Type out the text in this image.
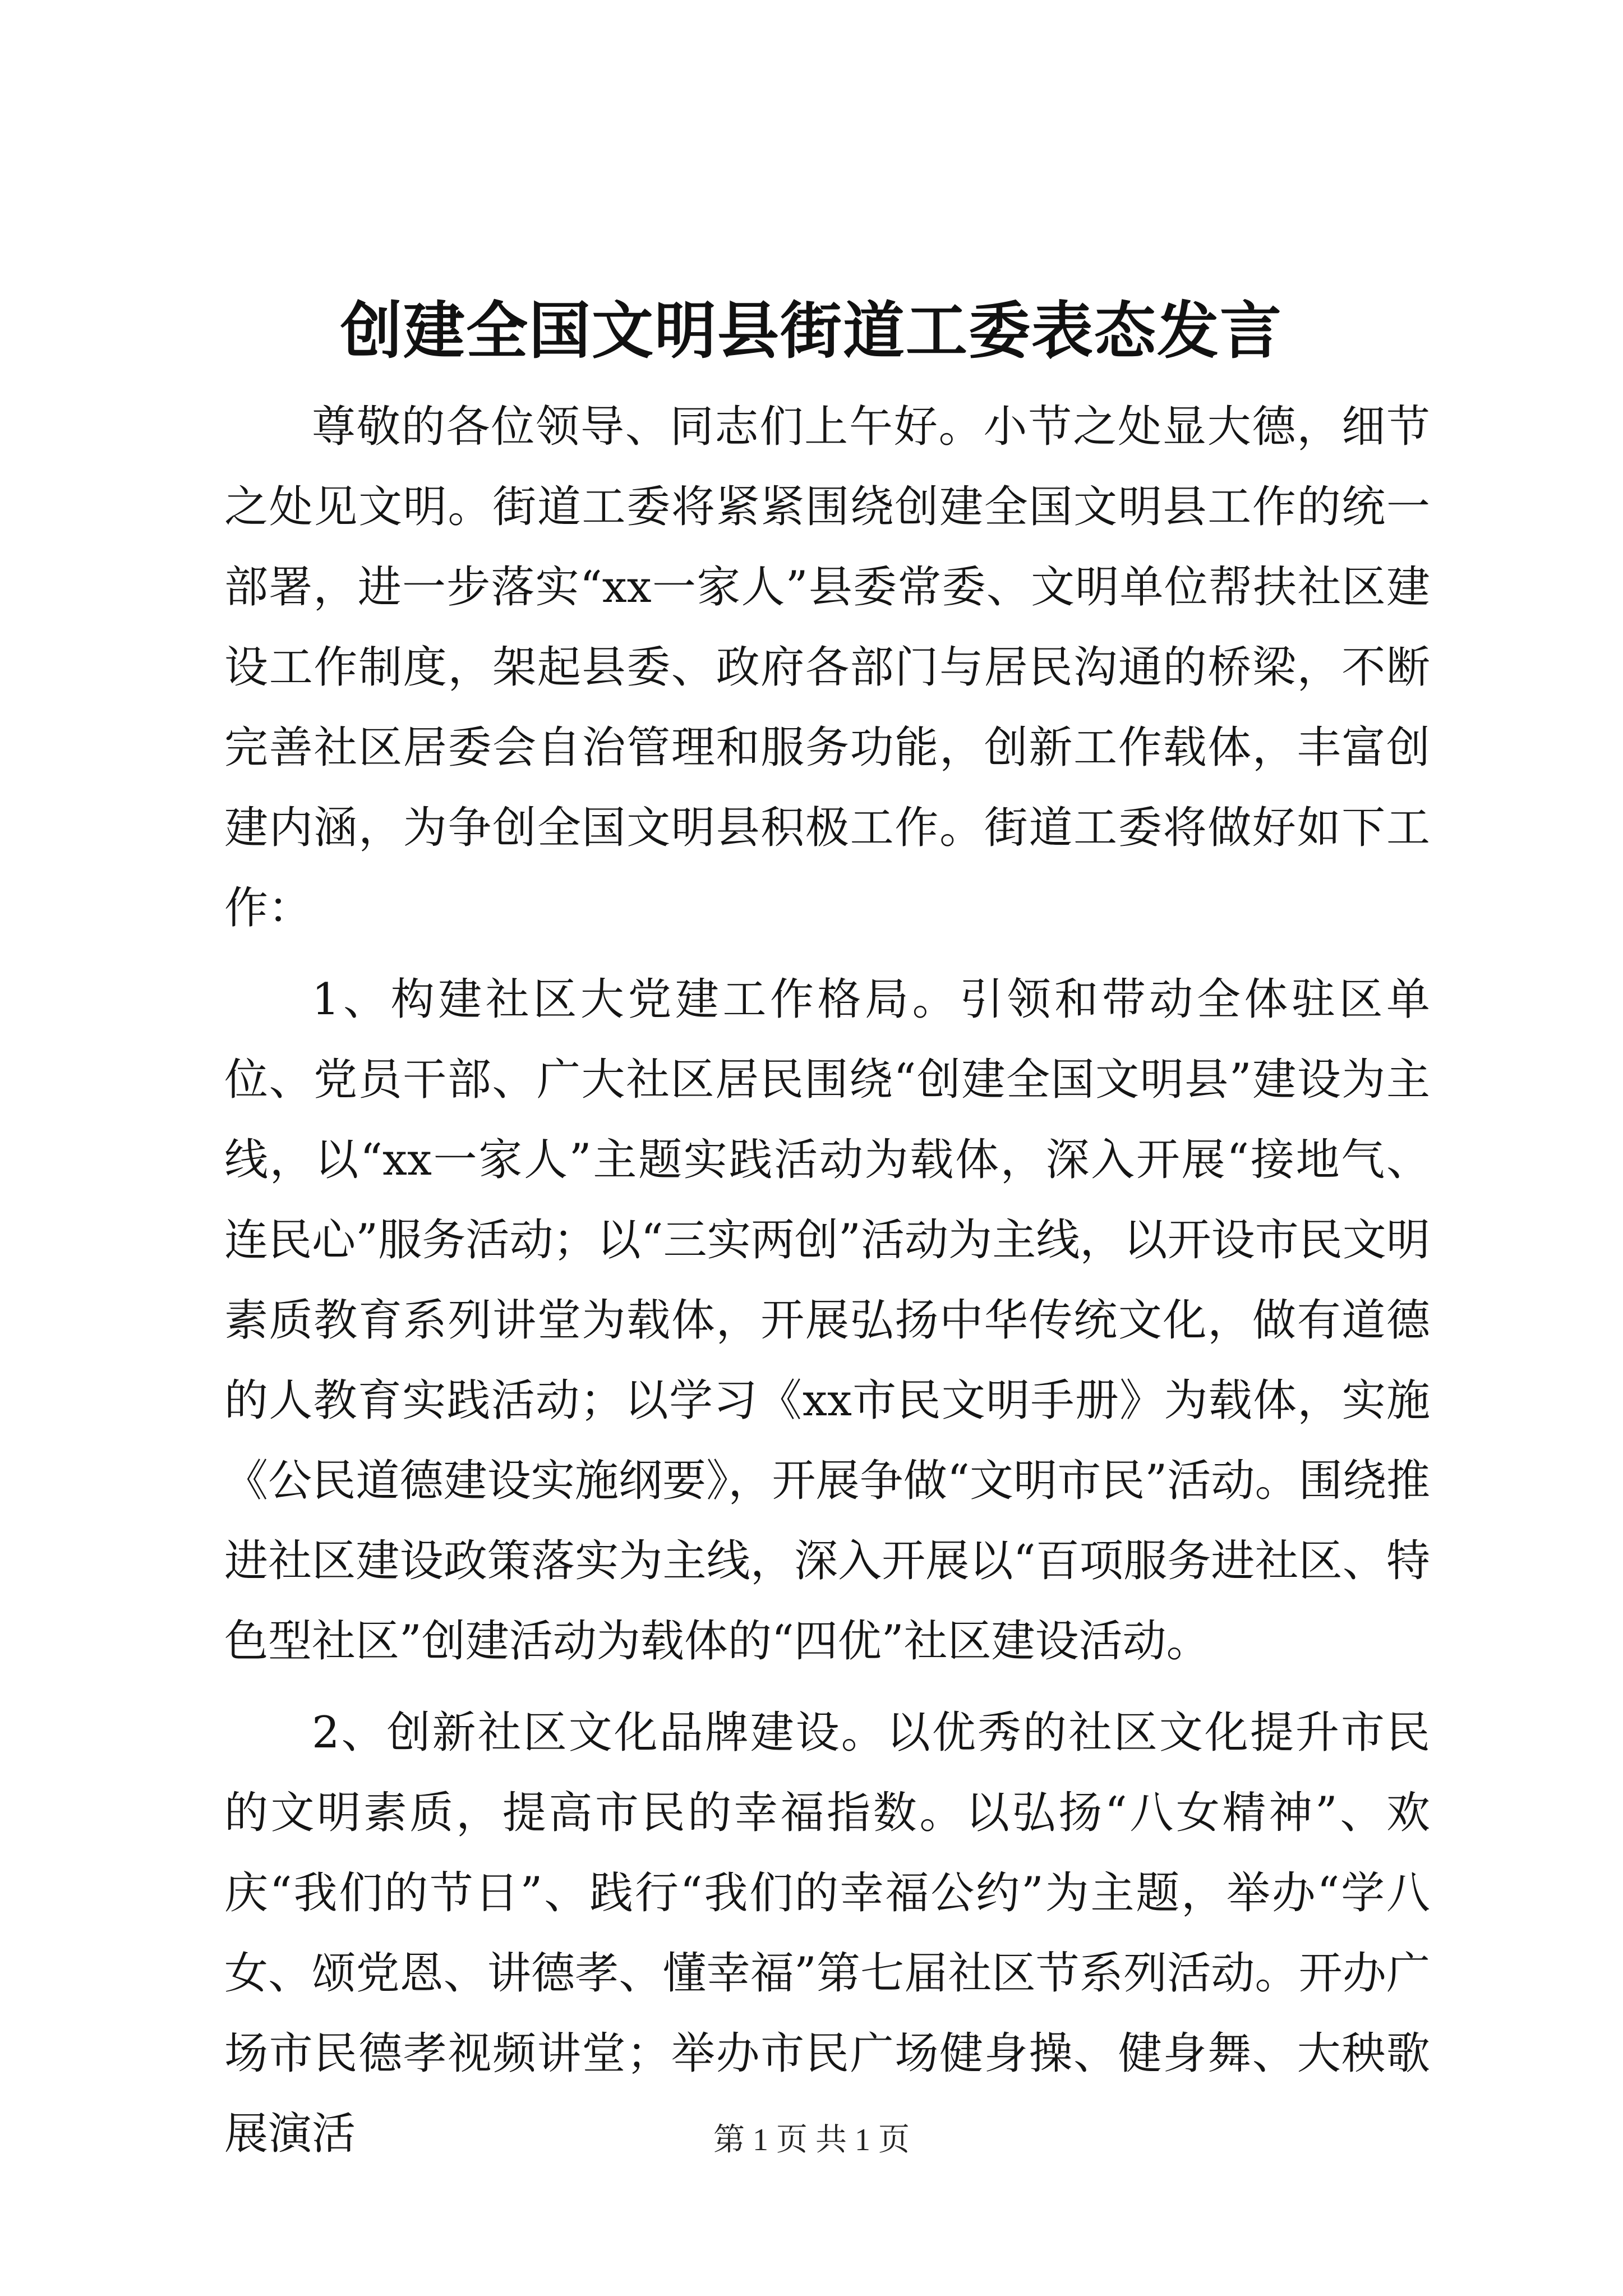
创建全国文明县街道工委表态发言

尊敬的各位领导、同志们上午好。小节之处显大德，细节之处见文明。街道工委将紧紧围绕创建全国文明县工作的统一部署，进一步落实“xx一家人”县委常委、文明单位帮扶社区建设工作制度，架起县委、政府各部门与居民沟通的桥梁，不断完善社区居委会自治管理和服务功能，创新工作载体，丰富创建内涵，为争创全国文明县积极工作。街道工委将做好如下工作：

1、构建社区大党建工作格局。引领和带动全体驻区单位、党员干部、广大社区居民围绕“创建全国文明县”建设为主线，以“xx一家人”主题实践活动为载体，深入开展“接地气、连民心”服务活动；以“三实两创”活动为主线，以开设市民文明素质教育系列讲堂为载体，开展弘扬中华传统文化，做有道德的人教育实践活动；以学习《xx市民文明手册》为载体，实施《公民道德建设实施纲要》，开展争做“文明市民”活动。围绕推进社区建设政策落实为主线，深入开展以“百项服务进社区、特色型社区”创建活动为载体的“四优”社区建设活动。

2、创新社区文化品牌建设。以优秀的社区文化提升市民的文明素质，提高市民的幸福指数。以弘扬“八女精神”、欢庆“我们的节日”、践行“我们的幸福公约”为主题，举办“学八女、颂党恩、讲德孝、懂幸福”第七届社区节系列活动。开办广场市民德孝视频讲堂；举办市民广场健身操、健身舞、大秧歌展演活	第 1 页 共 1 页
